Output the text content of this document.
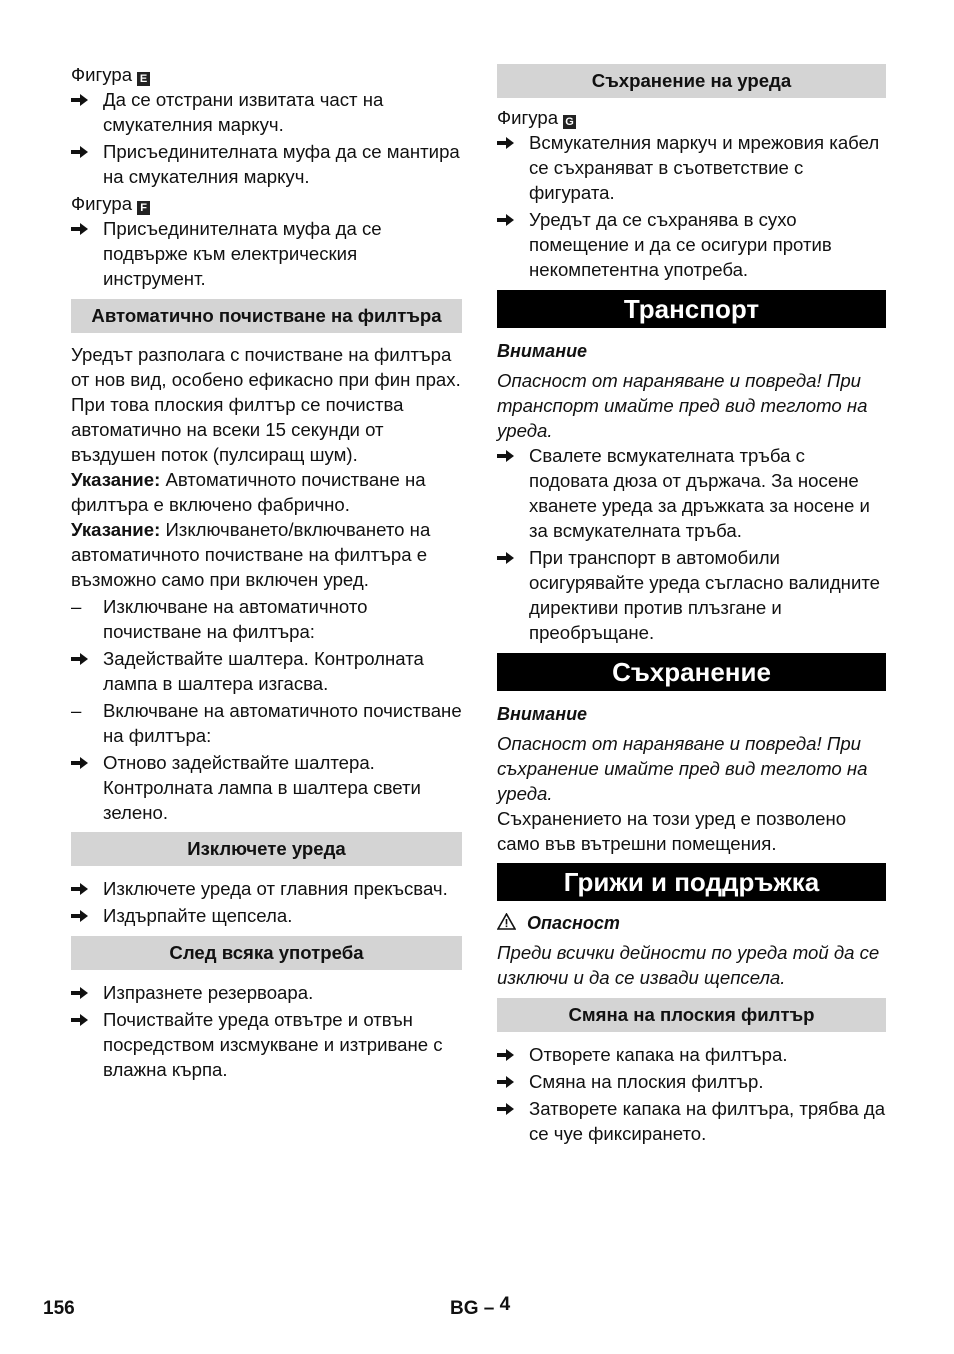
Фигура E

Да се отстрани извитата част на смукателния маркуч.

Присъединителната муфа да се мантира на смукателния маркуч.

Фигура F

Присъединителната муфа да се подвърже към електрическия инструмент.

Автоматично почистване на филтъра

Уредът разполага с почистване на филтъра от нов вид, особено ефикасно при фин прах. При това плоския филтър се почиства автоматично на всеки 15 секунди от въздушен поток (пулсиращ шум).

Указание: Автоматичното почистване на филтъра е включено фабрично.

Указание: Изключването/включването на автоматичното почистване на филтъра е възможно само при включен уред.

–	Изключване на автоматичното почистване на филтъра:

Задействайте шалтера. Контролната лампа в шалтера изгасва.

–	Включване на автоматичното почистване на филтъра:

Отново задействайте шалтера. Контролната лампа в шалтера свети зелено.

Изключете уреда

Изключете уреда от главния прекъсвач.

Издърпайте щепсела.

След всяка употреба

Изпразнете резервоара.

Почиствайте уреда отвътре и отвън посредством изсмукване и изтриване с влажна кърпа.

Съхранение на уреда
Фигура G

Всмукателния маркуч и мрежовия кабел се съхраняват в съответствие с фигурата.

Уредът да се съхранява в сухо помещение и да се осигури против некомпетентна употреба.

Транспорт

Внимание

Опасност от нараняване и повреда! При транспорт имайте пред вид теглото на уреда.

Свалете всмукателната тръба с подовата дюза от държача. За носене хванете уреда за дръжката за носене и за всмукателната тръба.

При транспорт в автомобили осигурявайте уреда съгласно валидните директиви против плъзгане и преобръщане.

Съхранение

Внимание

Опасност от нараняване и повреда! При съхранение имайте пред вид теглото на уреда.

Съхранението на този уред е позволено само във вътрешни помещения.

Грижи и поддръжка

Опасност

Преди всички дейности по уреда той да се изключи и да се извади щепсела.

Смяна на плоския филтър

Отворете капака на филтъра.

Смяна на плоския филтър.

Затворете капака на филтъра, трябва да се чуе фиксирането.

156	BG – 4
